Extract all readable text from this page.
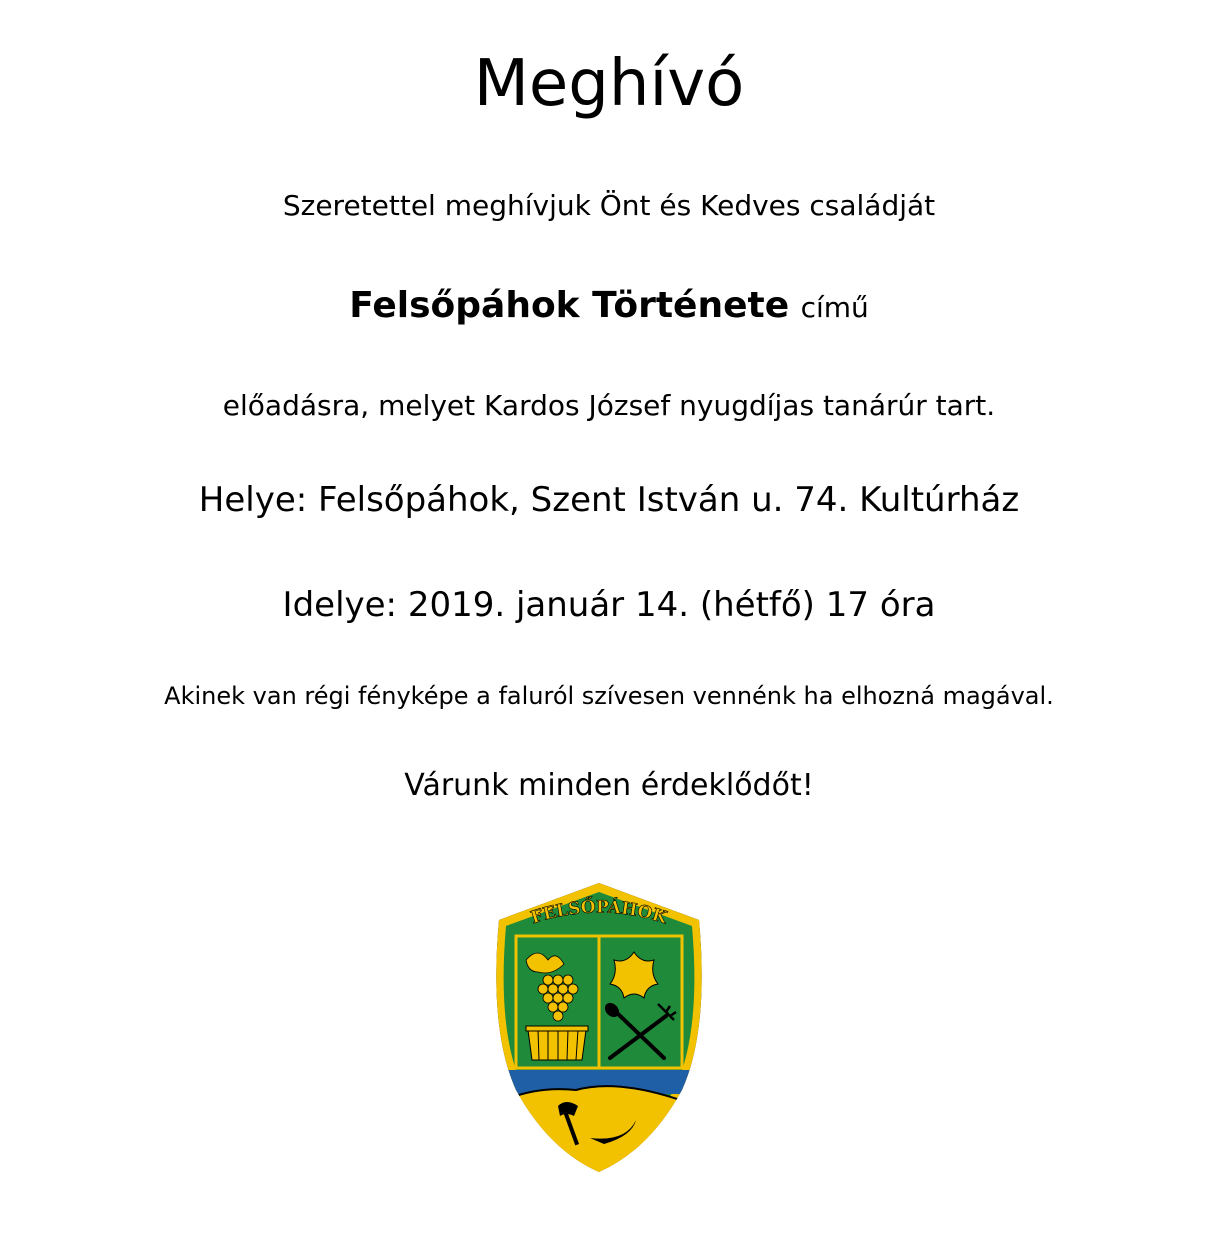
Meghívó
Szeretettel meghívjuk Önt és Kedves családját
Felsőpáhok Története című
előadásra, melyet Kardos József nyugdíjas tanárúr tart.
Helye: Felsőpáhok, Szent István u. 74. Kultúrház
Idelye: 2019. január 14. (hétfő) 17 óra
Akinek van régi fényképe a faluról szívesen vennénk ha elhozná magával.
Várunk minden érdeklődőt!
FELSŐPÁHOK
